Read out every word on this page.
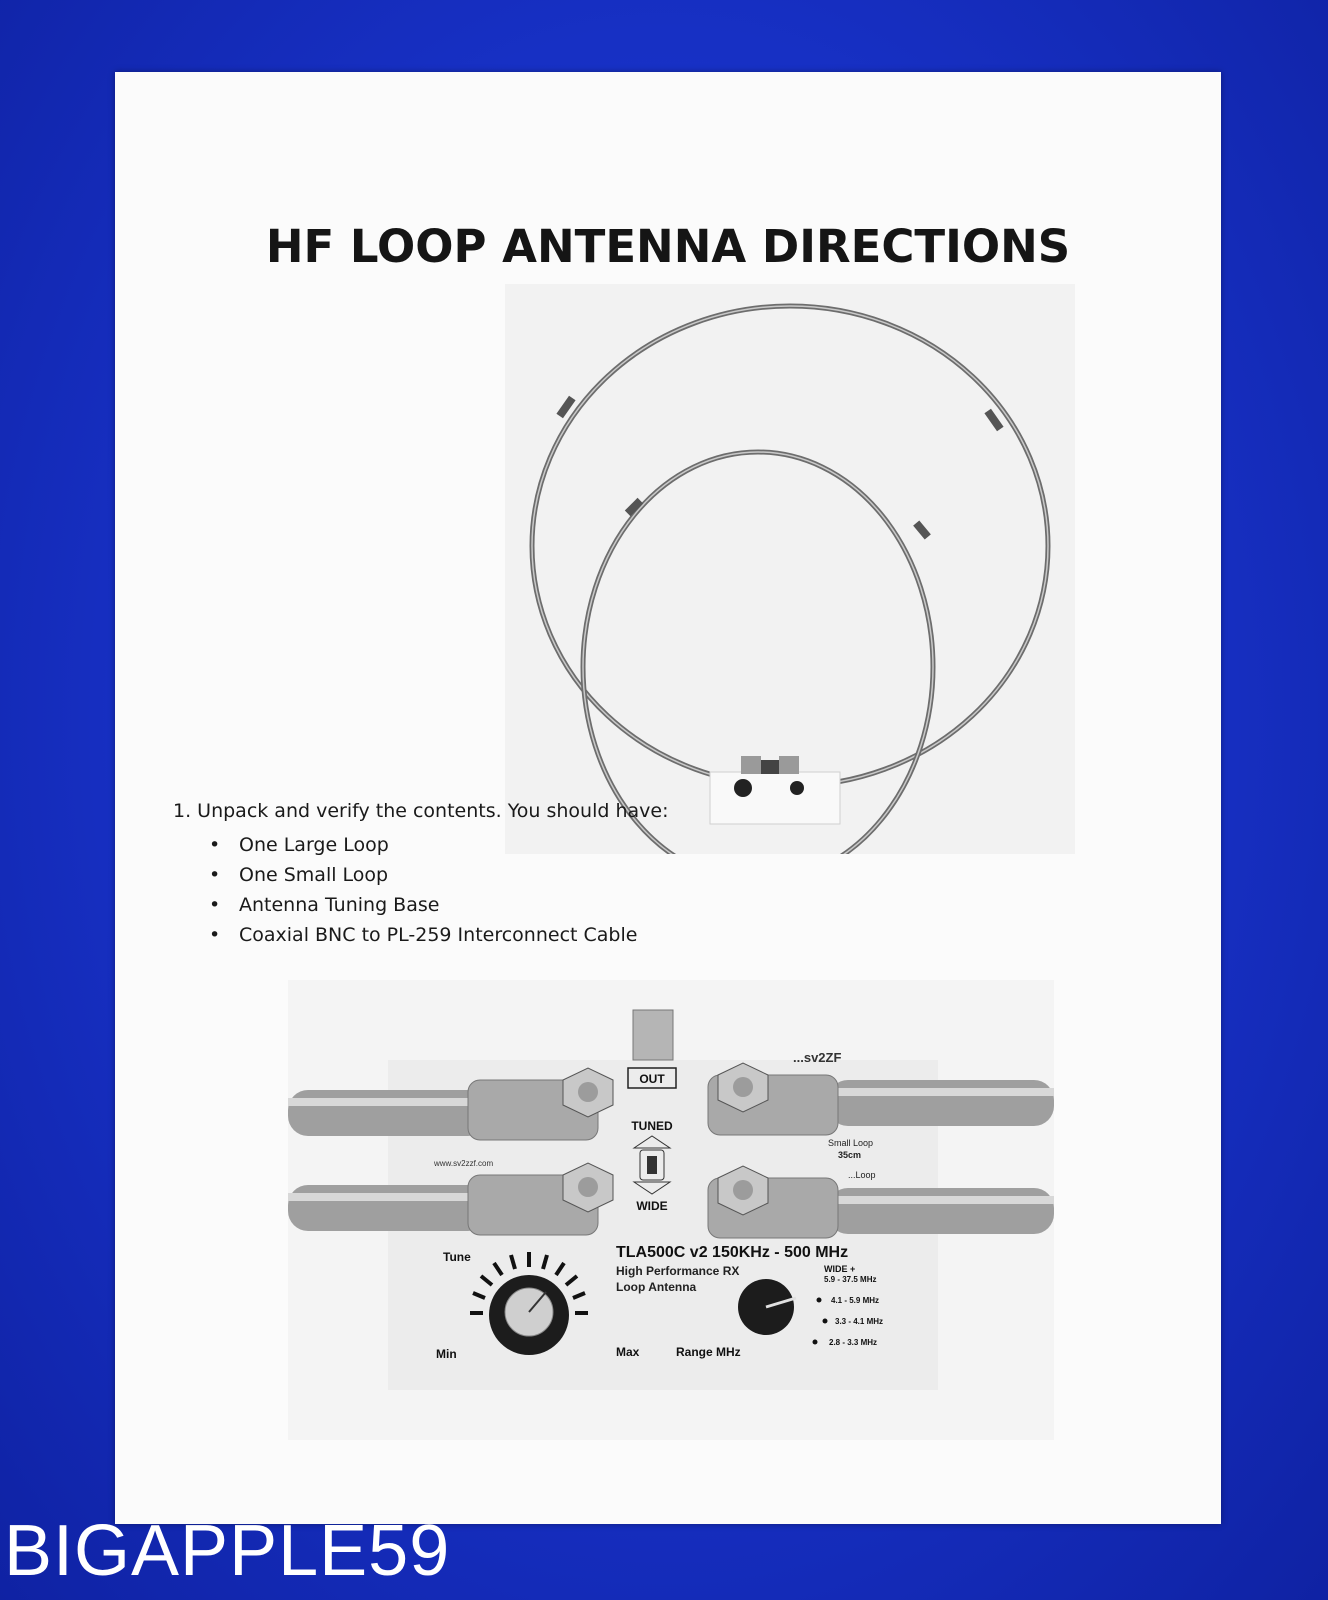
HF LOOP ANTENNA DIRECTIONS
1. Unpack and verify the contents. You should have:
• One Large Loop
• One Small Loop
• Antenna Tuning Base
• Coaxial BNC to PL-259 Interconnect Cable
OUT
TUNED
WIDE
...sv2ZF
Small Loop
35cm
...Loop
www.sv2zzf.com
TLA500C v2 150KHz - 500 MHz
High Performance RX
Loop Antenna
Tune
Min	Max	Range MHz
WIDE +
5.9 - 37.5 MHz
4.1 - 5.9 MHz
3.3 - 4.1 MHz
2.8 - 3.3 MHz
BIGAPPLE59
